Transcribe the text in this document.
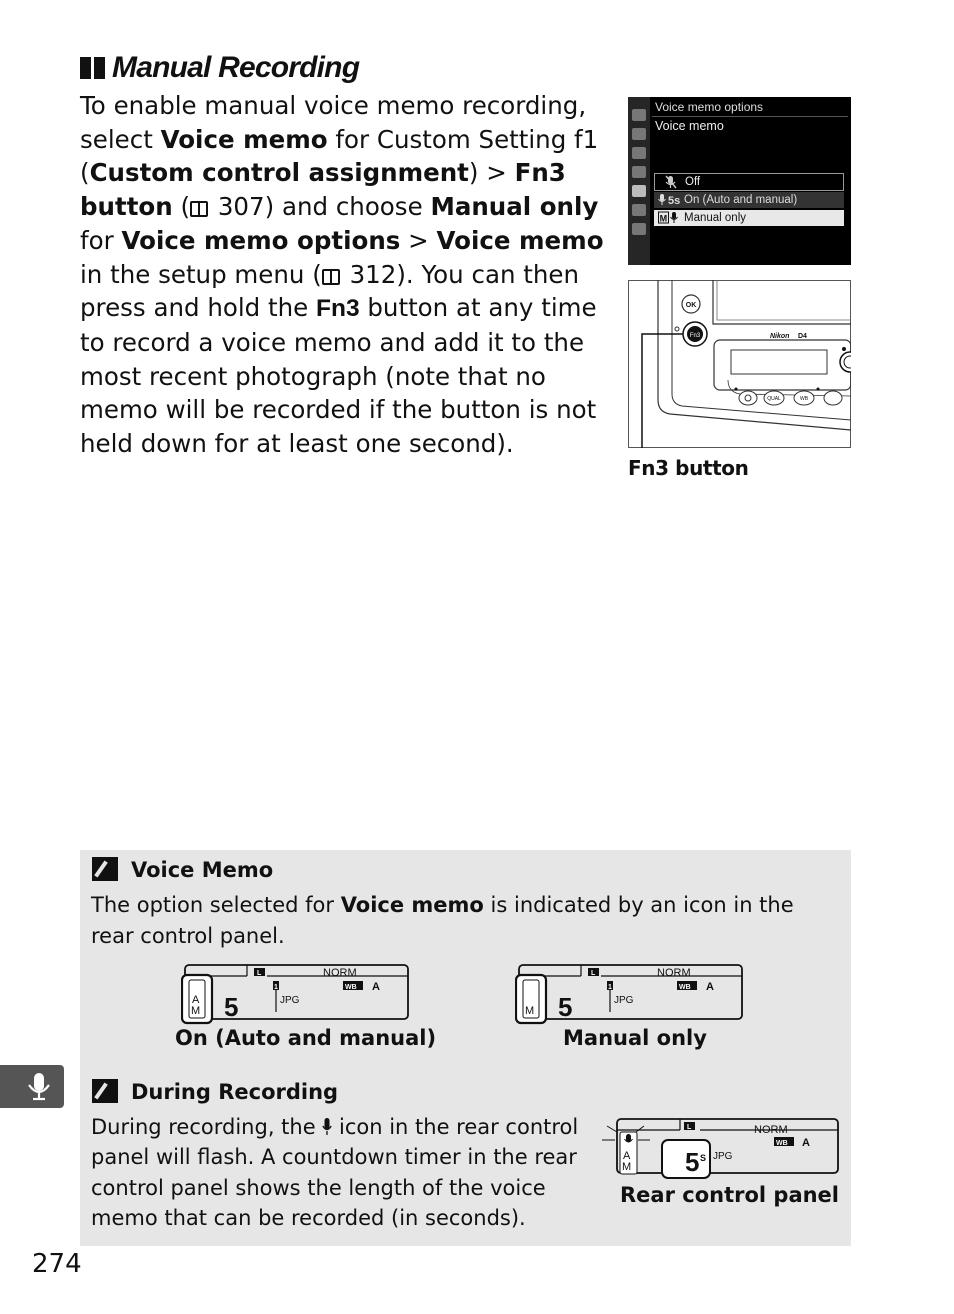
Manual Recording
To enable manual voice memo recording, select Voice memo for Custom Setting f1 (Custom control assignment) > Fn3 button ( 307) and choose Manual only for Voice memo options > Voice memo in the setup menu ( 312). You can then press and hold the Fn3 button at any time to record a voice memo and add it to the most recent photograph (note that no memo will be recorded if the button is not held down for at least one second).
Voice memo options
Voice memo
Off
5s On (Auto and manual)
M Manual only
Nikon D4
OK
Fn3
QUAL	WB
Fn3 button
Voice Memo
The option selected for Voice memo is indicated by an icon in the rear control panel.
L	NORM
WB A
1
JPG
5
A
M
On (Auto and manual)
L	NORM
WB A
1
JPG
5
M
Manual only
During Recording
During recording, the  icon in the rear control panel will flash. A countdown timer in the rear control panel shows the length of the voice memo that can be recorded (in seconds).
L	NORM
WB A
JPG
5 S
A
M
Rear control panel
274
